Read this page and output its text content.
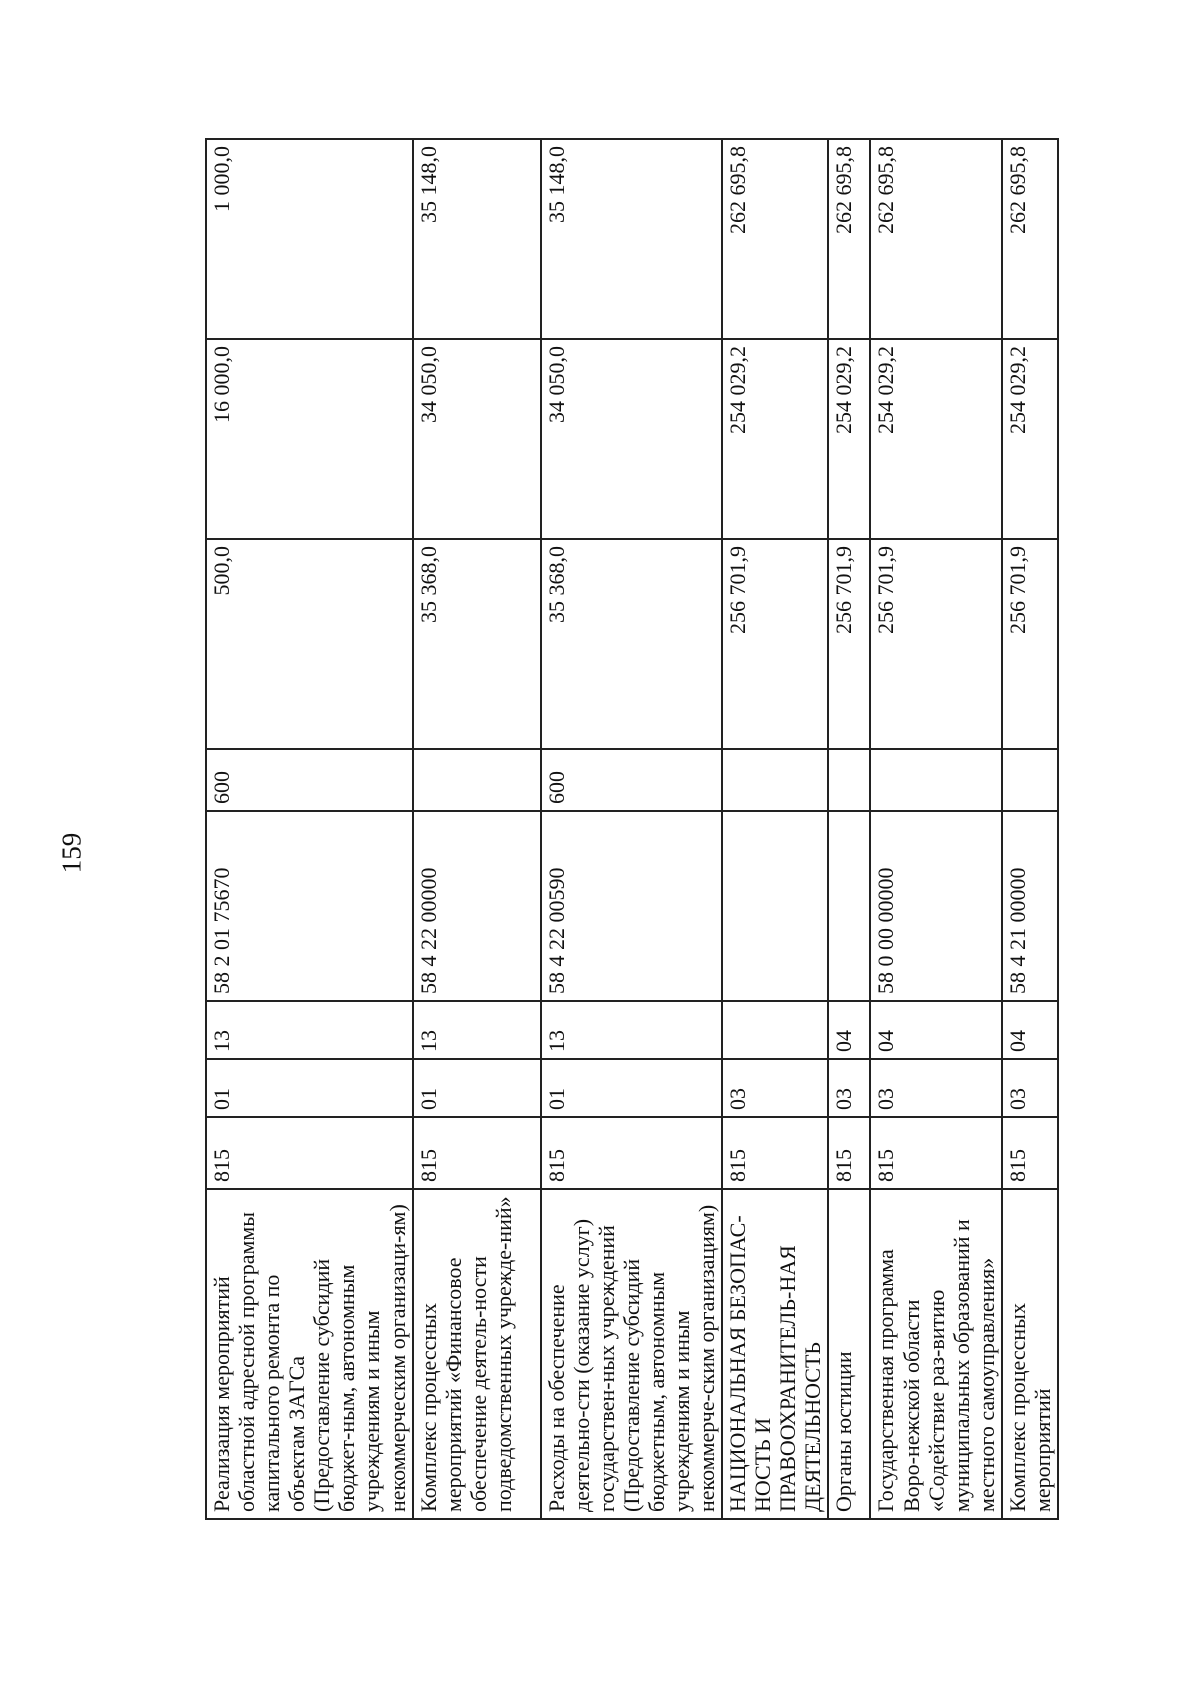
159
Реализация мероприятий областной адресной программы капитального ремонта по объектам ЗАГСа (Предоставление субсидий бюджет-ным, автономным учреждениям и иным некоммерческим организаци-ям)	815	01	13	58 2 01 75670	600	500,0	16 000,0	1 000,0
Комплекс процессных мероприятий «Финансовое обеспечение деятель-ности подведомственных учрежде-ний»	815	01	13	58 4 22 00000		35 368,0	34 050,0	35 148,0
Расходы на обеспечение деятельно-сти (оказание услуг) государствен-ных учреждений (Предоставление субсидий бюджетным, автономным учреждениям и иным некоммерче-ским организациям)	815	01	13	58 4 22 00590	600	35 368,0	34 050,0	35 148,0
НАЦИОНАЛЬНАЯ БЕЗОПАС-НОСТЬ И ПРАВООХРАНИТЕЛЬ-НАЯ ДЕЯТЕЛЬНОСТЬ	815	03				256 701,9	254 029,2	262 695,8
Органы юстиции	815	03	04			256 701,9	254 029,2	262 695,8
Государственная программа Воро-нежской области «Содействие раз-витию муниципальных образований и местного самоуправления»	815	03	04	58 0 00 00000		256 701,9	254 029,2	262 695,8
Комплекс процессных мероприятий	815	03	04	58 4 21 00000		256 701,9	254 029,2	262 695,8
